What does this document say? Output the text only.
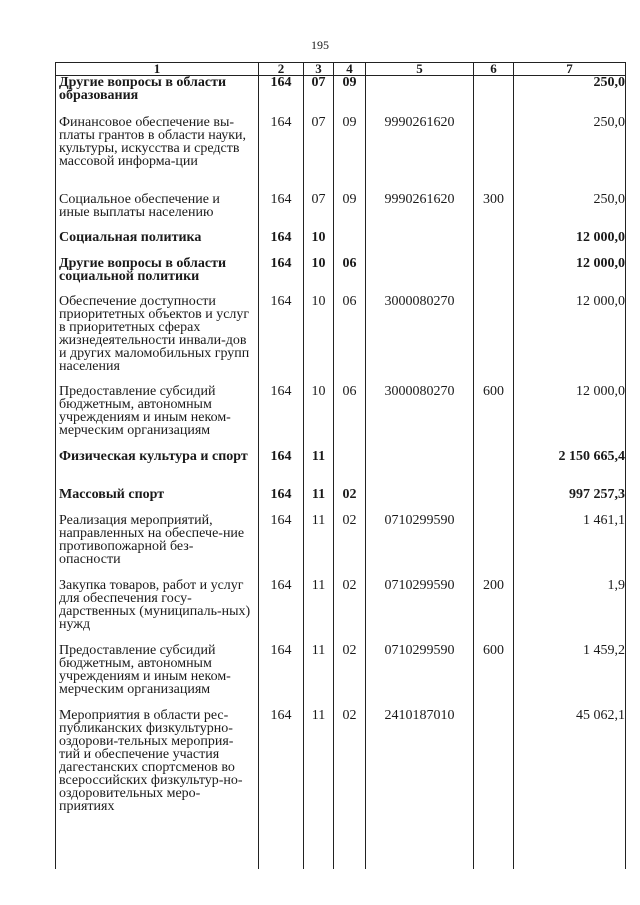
195
1	2	3	4	5	6	7
Другие вопросы в области образования	164	07	09			250,0
Финансовое обеспечение вы-платы грантов в области науки, культуры, искусства и средств массовой информа-ции	164	07	09	9990261620		250,0
Социальное обеспечение и иные выплаты населению	164	07	09	9990261620	300	250,0
Социальная политика	164	10				12 000,0
Другие вопросы в области социальной политики	164	10	06			12 000,0
Обеспечение доступности приоритетных объектов и услуг в приоритетных сферах жизнедеятельности инвали-дов и других маломобильных групп населения	164	10	06	3000080270		12 000,0
Предоставление субсидий бюджетным, автономным учреждениям и иным неком-мерческим организациям	164	10	06	3000080270	600	12 000,0
Физическая культура и спорт	164	11				2 150 665,4
Массовый спорт	164	11	02			997 257,3
Реализация мероприятий, направленных на обеспече-ние противопожарной без-опасности	164	11	02	0710299590		1 461,1
Закупка товаров, работ и услуг для обеспечения госу-дарственных (муниципаль-ных) нужд	164	11	02	0710299590	200	1,9
Предоставление субсидий бюджетным, автономным учреждениям и иным неком-мерческим организациям	164	11	02	0710299590	600	1 459,2
Мероприятия в области рес-публиканских физкультурно-оздорови-тельных мероприя-тий и обеспечение участия дагестанских спортсменов во всероссийских физкультур-но-оздоровительных меро-приятиях	164	11	02	2410187010		45 062,1
